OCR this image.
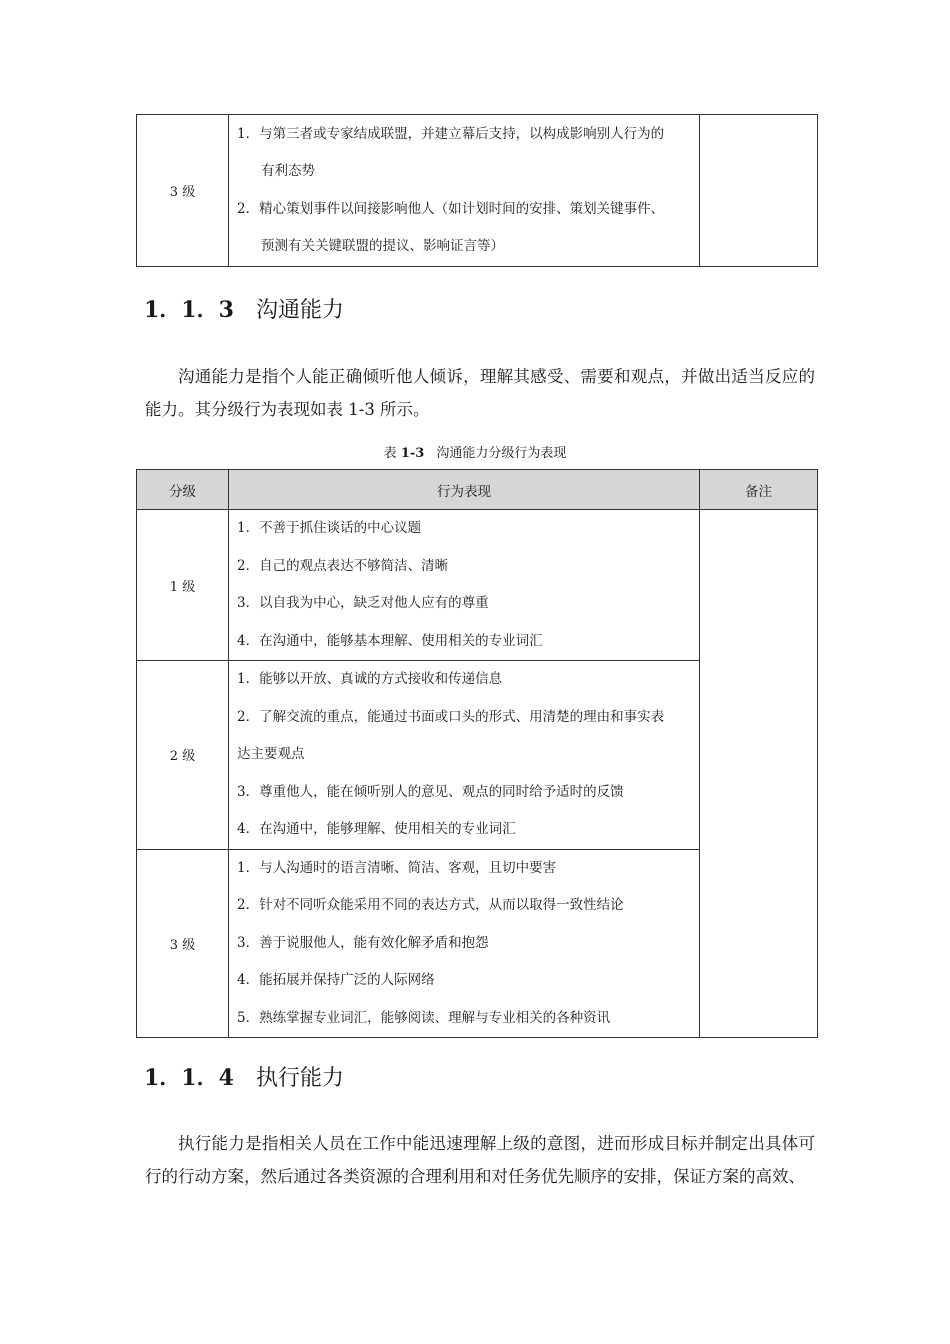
3 级	
1．与第三者或专家结成联盟，并建立幕后支持，以构成影响别人行为的
有利态势
2．精心策划事件以间接影响他人（如计划时间的安排、策划关键事件、
预测有关关键联盟的提议、影响证言等）

1．1．3 沟通能力

沟通能力是指个人能正确倾听他人倾诉，理解其感受、需要和观点，并做出适当反应的能力。其分级行为表现如表 1-3 所示。

表 1-3 沟通能力分级行为表现
分级	行为表现	备注
1 级	1．不善于抓住谈话的中心议题
2．自己的观点表达不够简洁、清晰
3．以自我为中心，缺乏对他人应有的尊重
4．在沟通中，能够基本理解、使用相关的专业词汇	

2 级	1．能够以开放、真诚的方式接收和传递信息
2．了解交流的重点，能通过书面或口头的形式、用清楚的理由和事实表
达主要观点
3．尊重他人，能在倾听别人的意见、观点的同时给予适时的反馈
4．在沟通中，能够理解、使用相关的专业词汇	

3 级	1．与人沟通时的语言清晰、简洁、客观，且切中要害
2．针对不同听众能采用不同的表达方式，从而以取得一致性结论
3．善于说服他人，能有效化解矛盾和抱怨
4．能拓展并保持广泛的人际网络
5．熟练掌握专业词汇，能够阅读、理解与专业相关的各种资讯	
1．1．4 执行能力

执行能力是指相关人员在工作中能迅速理解上级的意图，进而形成目标并制定出具体可行的行动方案，然后通过各类资源的合理利用和对任务优先顺序的安排，保证方案的高效、
